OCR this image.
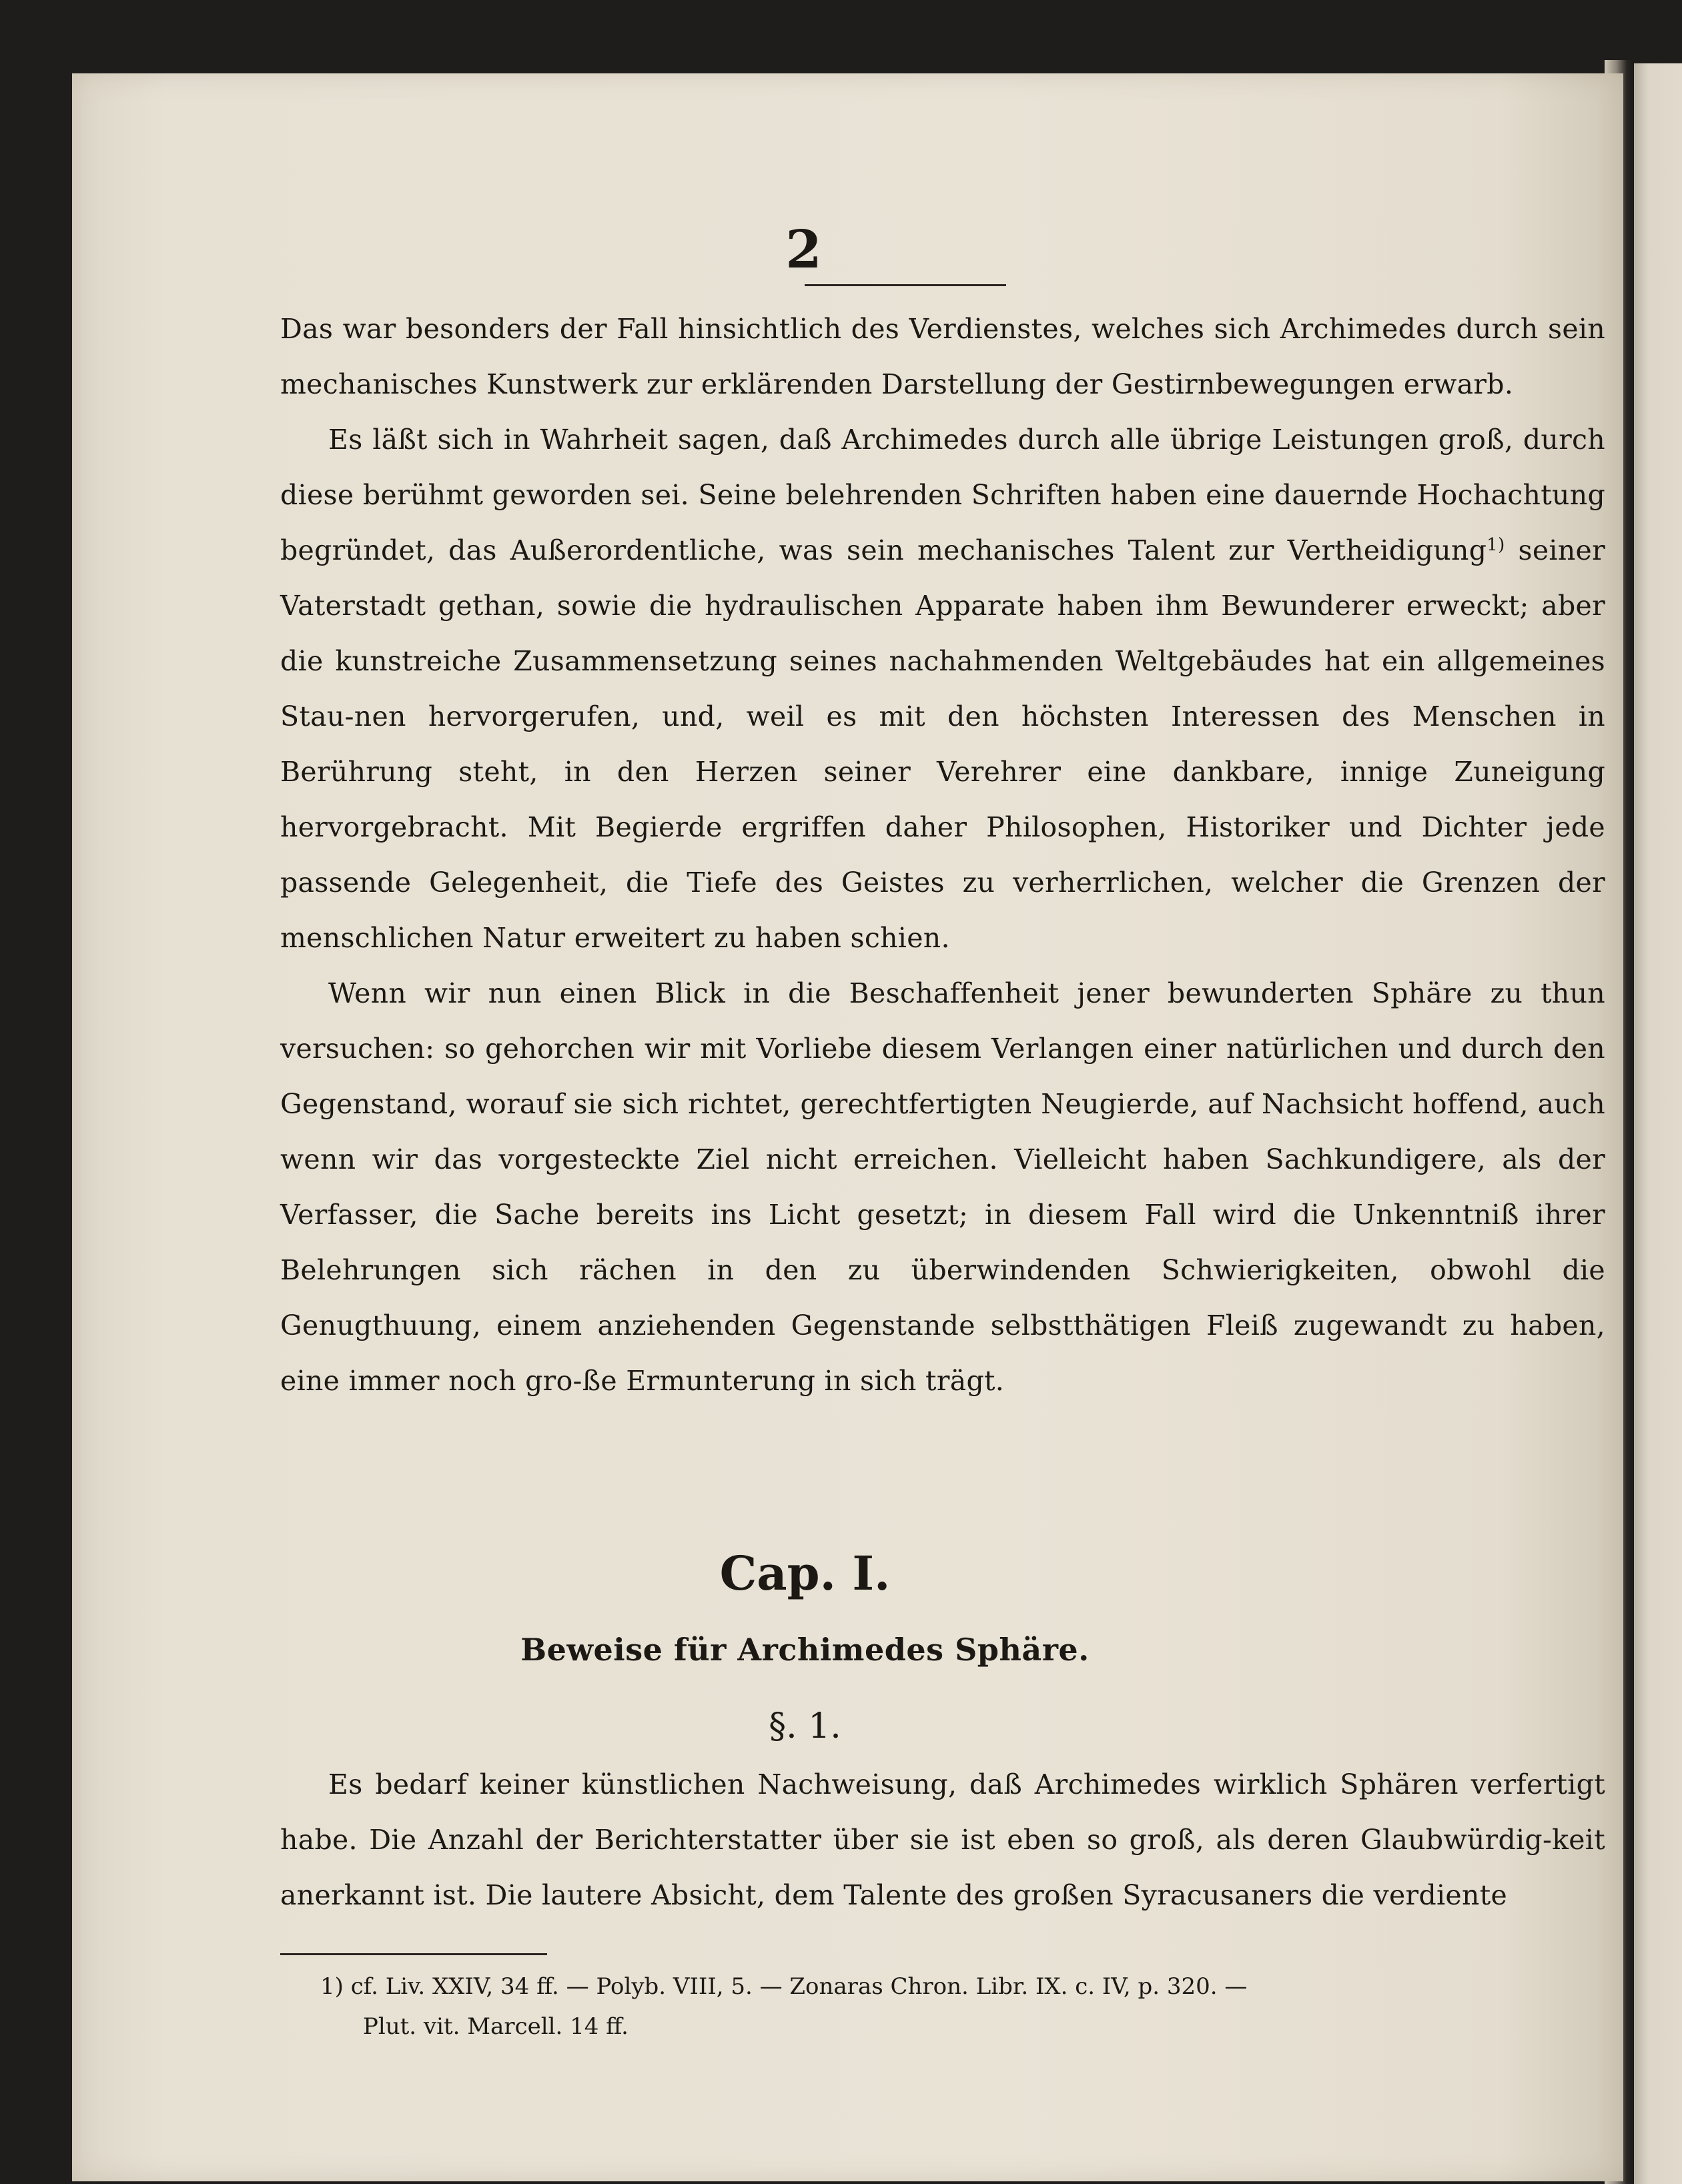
2

Das war besonders der Fall hinsichtlich des Verdienstes, welches sich Archimedes durch sein mechanisches Kunstwerk zur erklärenden Darstellung der Gestirnbewegungen erwarb.

Es läßt sich in Wahrheit sagen, daß Archimedes durch alle übrige Leistungen groß, durch diese berühmt geworden sei. Seine belehrenden Schriften haben eine dauernde Hochachtung begründet, das Außerordentliche, was sein mechanisches Talent zur Vertheidigung$^{1)}$ seiner Vaterstadt gethan, sowie die hydraulischen Apparate haben ihm Bewunderer erweckt; aber die kunstreiche Zusammensetzung seines nachahmenden Weltgebäudes hat ein allgemeines Stau-nen hervorgerufen, und, weil es mit den höchsten Interessen des Menschen in Berührung steht, in den Herzen seiner Verehrer eine dankbare, innige Zuneigung hervorgebracht. Mit Begierde ergriffen daher Philosophen, Historiker und Dichter jede passende Gelegenheit, die Tiefe des Geistes zu verherrlichen, welcher die Grenzen der menschlichen Natur erweitert zu haben schien.

Wenn wir nun einen Blick in die Beschaffenheit jener bewunderten Sphäre zu thun versuchen: so gehorchen wir mit Vorliebe diesem Verlangen einer natürlichen und durch den Gegenstand, worauf sie sich richtet, gerechtfertigten Neugierde, auf Nachsicht hoffend, auch wenn wir das vorgesteckte Ziel nicht erreichen. Vielleicht haben Sachkundigere, als der Verfasser, die Sache bereits ins Licht gesetzt; in diesem Fall wird die Unkenntniß ihrer Belehrungen sich rächen in den zu überwindenden Schwierigkeiten, obwohl die Genugthuung, einem anziehenden Gegenstande selbstthätigen Fleiß zugewandt zu haben, eine immer noch gro-ße Ermunterung in sich trägt.

Cap. I.
Beweise für Archimedes Sphäre.
§. 1.

Es bedarf keiner künstlichen Nachweisung, daß Archimedes wirklich Sphären verfertigt habe. Die Anzahl der Berichterstatter über sie ist eben so groß, als deren Glaubwürdig-keit anerkannt ist. Die lautere Absicht, dem Talente des großen Syracusaners die verdiente

1) cf. Liv. XXIV, 34 ff. — Polyb. VIII, 5. — Zonaras Chron. Libr. IX. c. IV, p. 320. —
Plut. vit. Marcell. 14 ff.
